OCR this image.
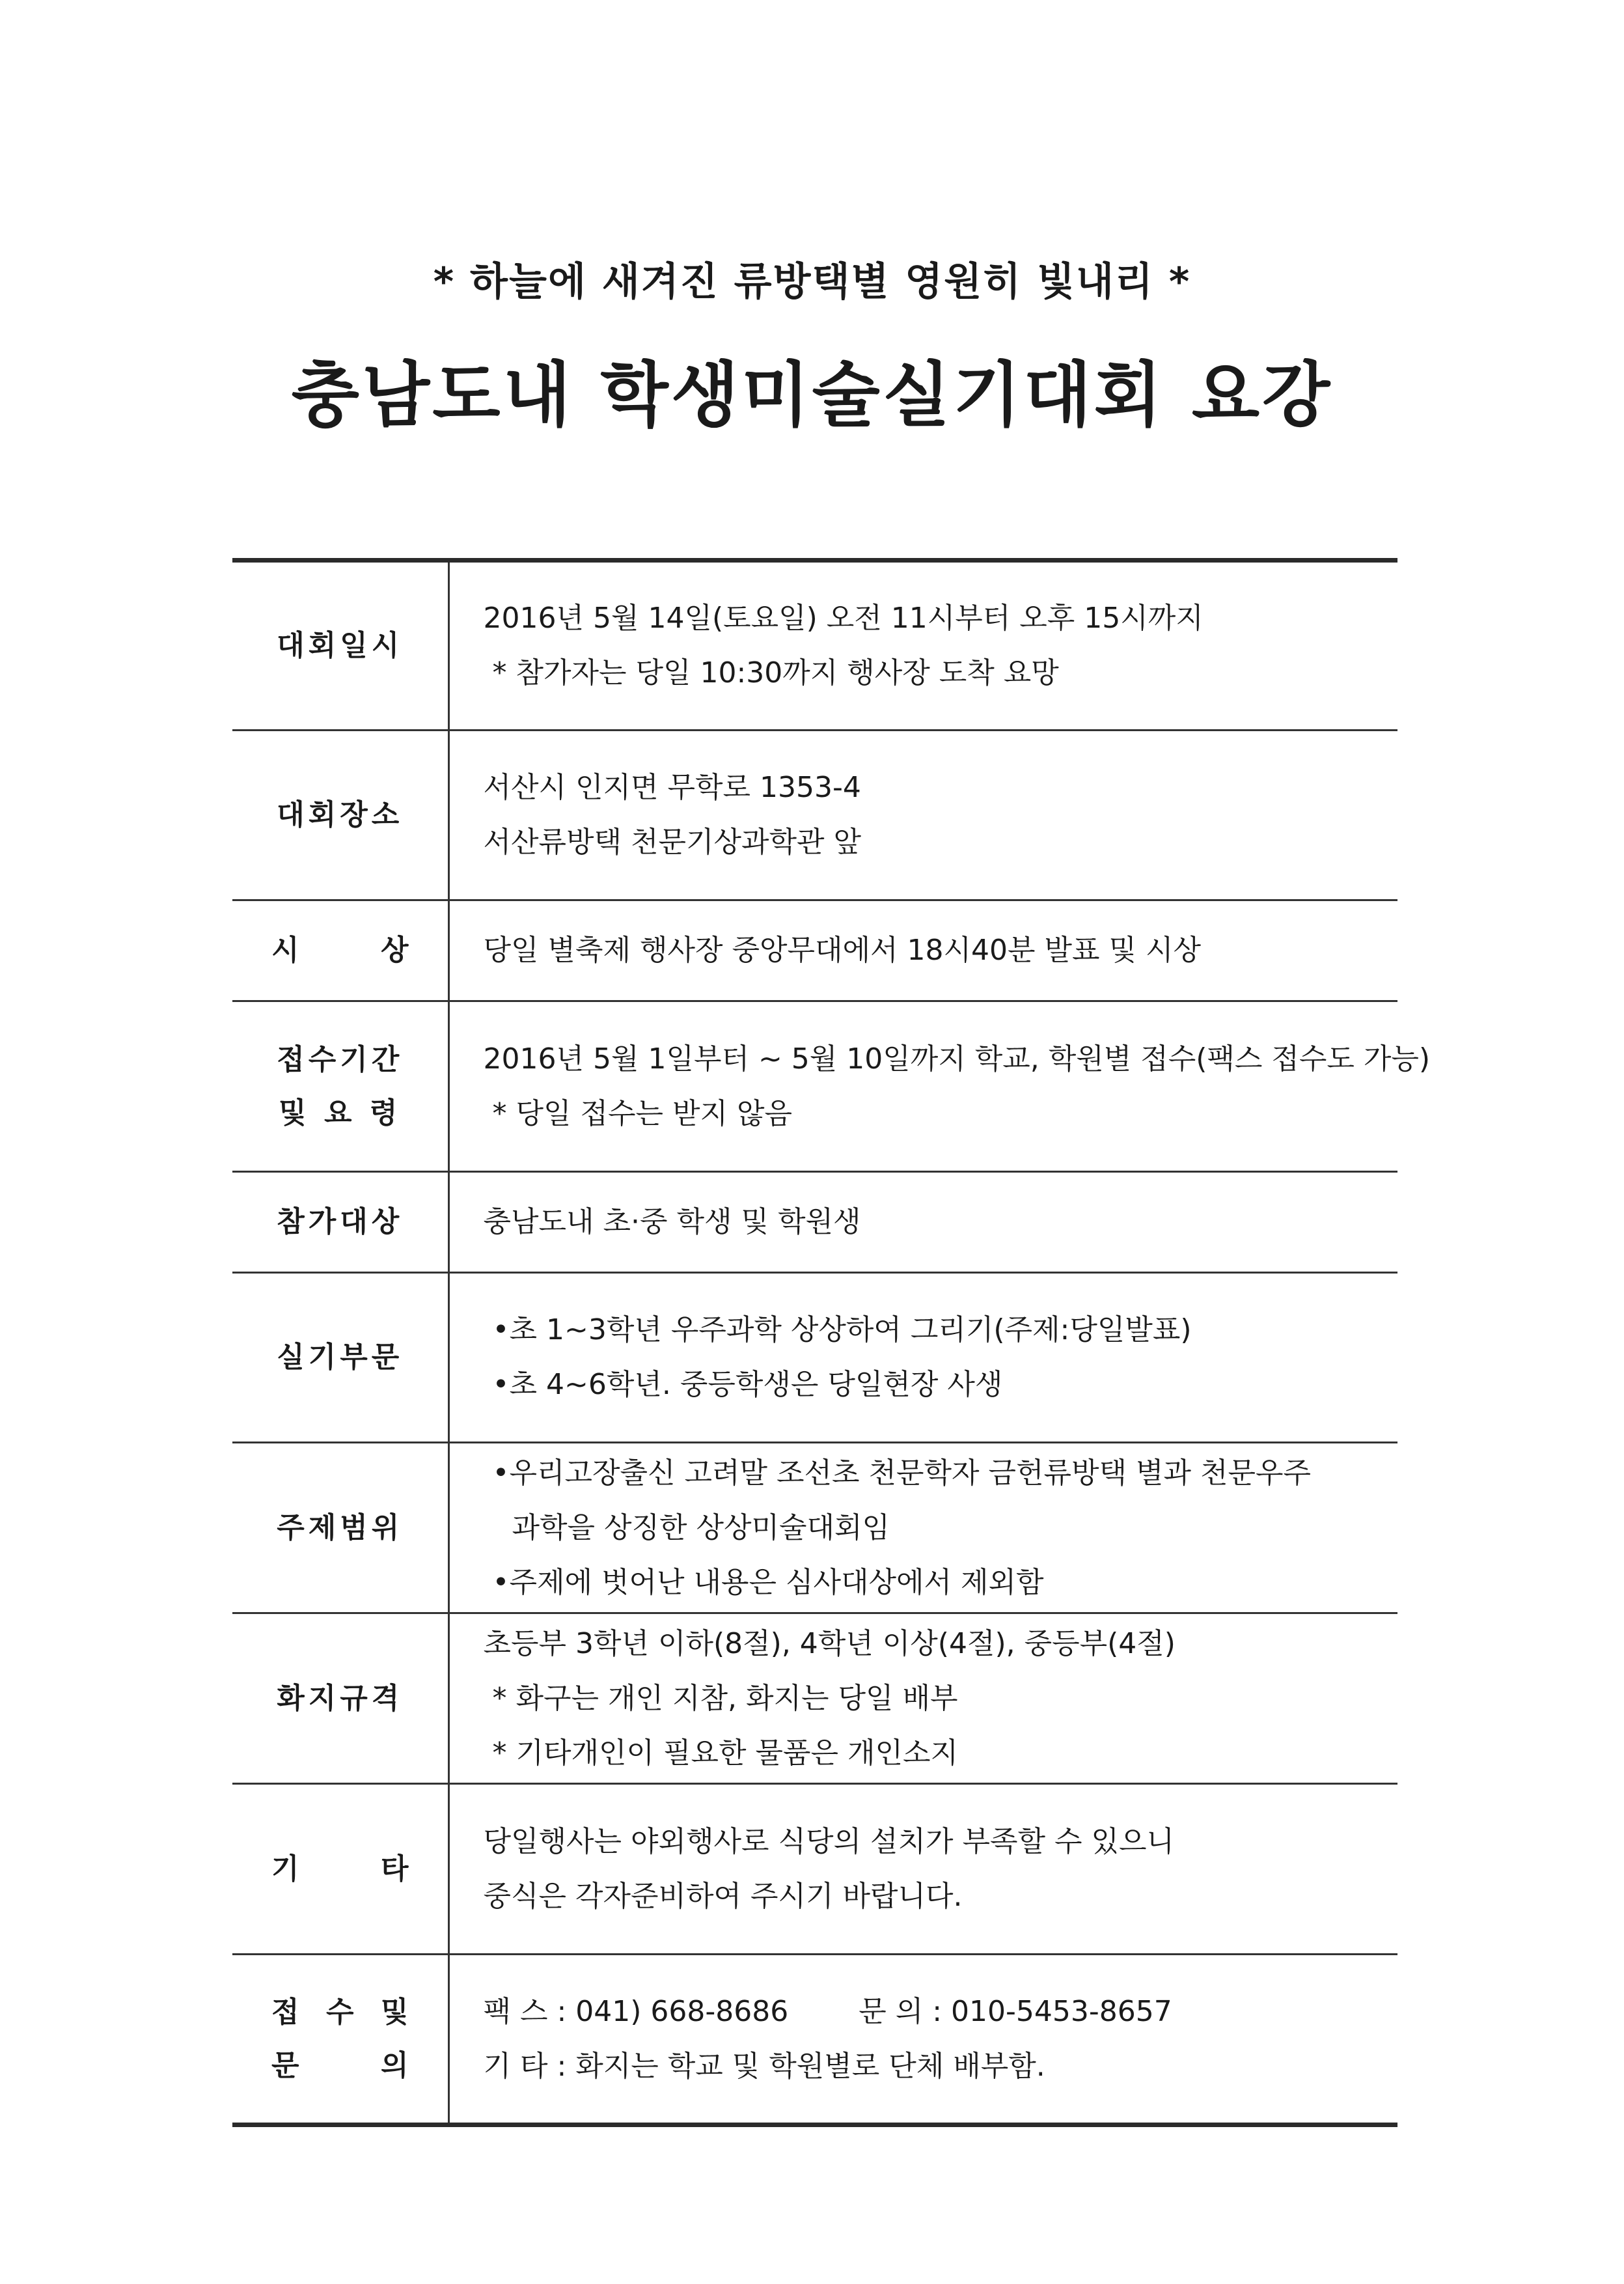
* 하늘에 새겨진 류방택별 영원히 빛내리 *
충남도내 학생미술실기대회 요강
대회일시	2016년 5월 14일(토요일) 오전 11시부터 오후 15시까지
* 참가자는 당일 10:30까지 행사장 도착 요망

대회장소	서산시 인지면 무학로 1353-4
서산류방택 천문기상과학관 앞

시 상	당일 별축제 행사장 중앙무대에서 18시40분 발표 및 시상

접수기간
및 요 령	2016년 5월 1일부터 ~ 5월 10일까지 학교, 학원별 접수(팩스 접수도 가능)
* 당일 접수는 받지 않음

참가대상	충남도내 초·중 학생 및 학원생

실기부문	•초 1~3학년 우주과학 상상하여 그리기(주제:당일발표)
•초 4~6학년. 중등학생은 당일현장 사생

주제범위	•우리고장출신 고려말 조선초 천문학자 금헌류방택 별과 천문우주
과학을 상징한 상상미술대회임
•주제에 벗어난 내용은 심사대상에서 제외함

화지규격	초등부 3학년 이하(8절), 4학년 이상(4절), 중등부(4절)
* 화구는 개인 지참, 화지는 당일 배부
* 기타개인이 필요한 물품은 개인소지

기 타	당일행사는 야외행사로 식당의 설치가 부족할 수 있으니
중식은 각자준비하여 주시기 바랍니다.

접 수 및
문 의	팩 스 : 041) 668-8686 문 의 : 010-5453-8657
기 타 : 화지는 학교 및 학원별로 단체 배부함.
